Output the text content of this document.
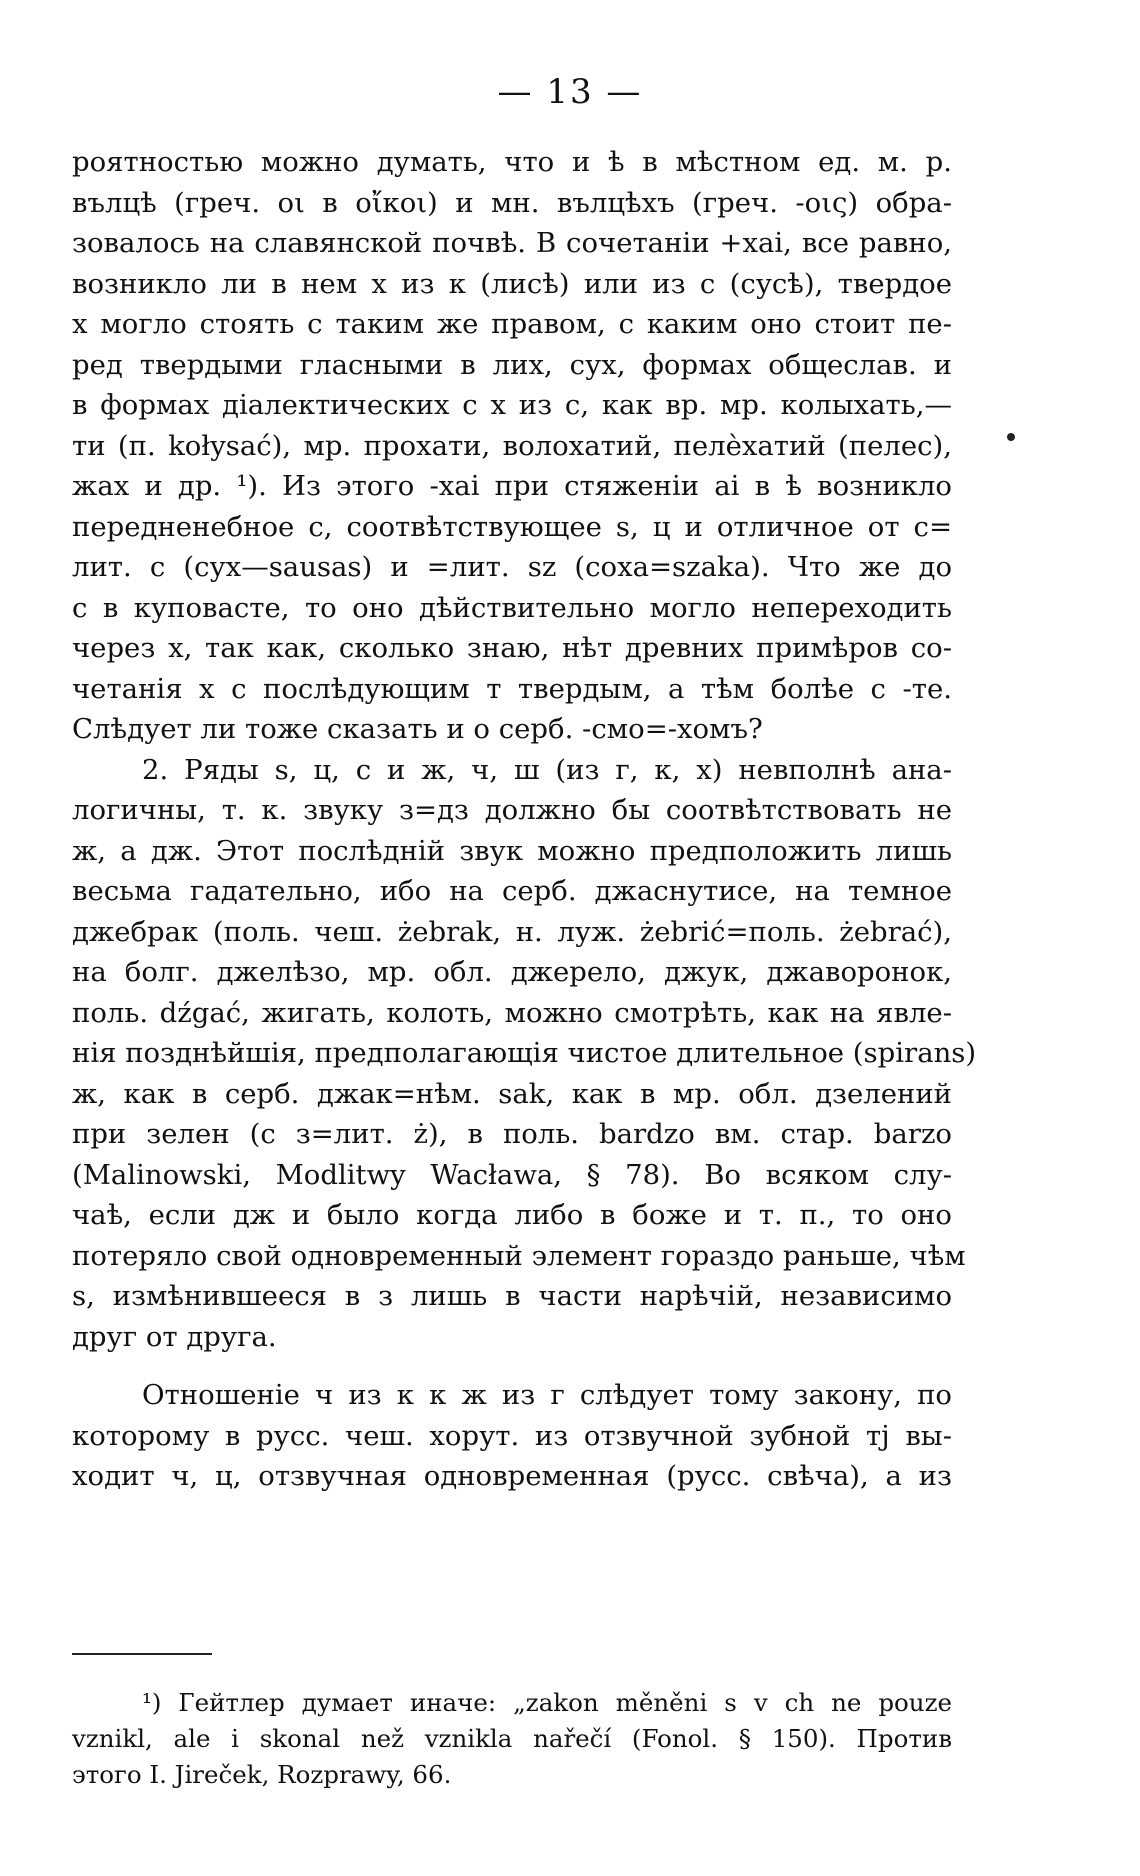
— 13 —
роятностью можно думать, что и ѣ в мѣстном ед. м. р.
вълцѣ (греч. οι в οἴκοι) и мн. вълцѣхъ (греч. -οις) обра-
зовалось на славянской почвѣ. В сочетаніи +хаі, все равно,
возникло ли в нем х из к (лисѣ) или из с (сусѣ), твердое
х могло стоять с таким же правом, с каким оно стоит пе-
ред твердыми гласными в лих, сух, формах общеслав. и
в формах діалектических с х из с, как вр. мр. колыхать,—
ти (п. kołysać), мр. прохати, волохатий, пелѐхатий (пелес),
жах и др. ¹). Из этого -хаі при стяженіи аі в ѣ возникло
передненебное с, соотвѣтствующее s, ц и отличное от с=
лит. с (сух—sausas) и =лит. sz (соха=szaka). Что же до
с в куповасте, то оно дѣйствительно могло непереходить
через х, так как, сколько знаю, нѣт древних примѣров со-
четанія х с послѣдующим т твердым, а тѣм болѣе с -те.
Слѣдует ли тоже сказать и о серб. -смо=-хомъ?
2. Ряды s, ц, с и ж, ч, ш (из г, к, х) невполнѣ ана-
логичны, т. к. звуку з=дз должно бы соотвѣтствовать не
ж, а дж. Этот послѣдній звук можно предположить лишь
весьма гадательно, ибо на серб. джаснутисе, на темное
джебрак (поль. чеш. żebrak, н. луж. żebrić=поль. żebrać),
на болг. джелѣзо, мр. обл. джерело, джук, джаворонок,
поль. dźgać, жигать, колоть, можно смотрѣть, как на явле-
нія позднѣйшія, предполагающія чистое длительное (spirans)
ж, как в серб. джак=нѣм. sak, как в мр. обл. дзелений
при зелен (с з=лит. ż), в поль. bardzo вм. стар. barzo
(Malinowski, Modlitwy Wacława, § 78). Во всяком слу-
чаѣ, если дж и было когда либо в боже и т. п., то оно
потеряло свой одновременный элемент гораздо раньше, чѣм
s, измѣнившееся в з лишь в части нарѣчій, независимо
друг от друга.
Отношеніе ч из к к ж из г слѣдует тому закону, по
которому в русс. чеш. хорут. из отзвучной зубной тј вы-
ходит ч, ц, отзвучная одновременная (русс. свѣча), а из
¹) Гейтлер думает иначе: „zakon měněni s v ch ne pouze
vznikl, ale i skonal než vznikla nařečí (Fonol. § 150). Против
этого I. Jireček, Rozprawy, 66.
